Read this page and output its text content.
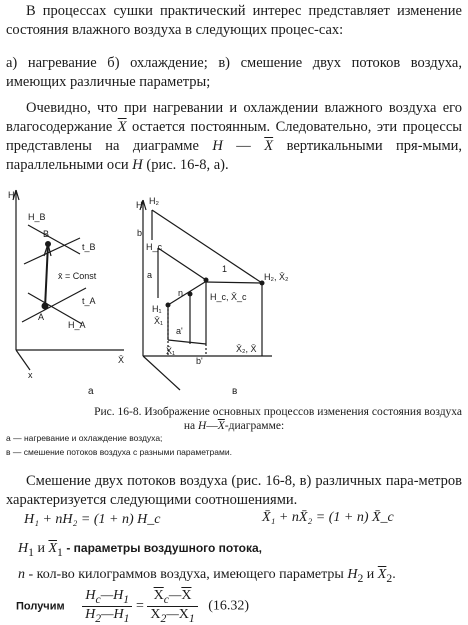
В процессах сушки практический интерес представляет изменение состояния влажного воздуха в следующих процес-сах:

а) нагревание б) охлаждение; в) смешение двух потоков воздуха, имеющих различные параметры;

Очевидно, что при нагревании и охлаждении влажного воздуха его влагосодержание $\overline{X}$ остается постоянным. Следовательно, эти процессы представлены на диаграмме H — $\overline{X}$ вертикальными пря-мыми, параллельными оси H (рис. 16-8, а).

H
X̄
x
H_B
B
t_B
x̄ = Const
t_A
A
H_A
H H₂
b
H_c
a
1
H₂, X̄₂
n	H_c, X̄_c
H₁
X̄₁
a'
X̄₁
b'
X̄₂, X̄
a	в
Рис. 16-8. Изображение основных процессов изменения состояния воздуха
на $H—\overline{X}$-диаграмме:
а — нагревание и охлаждение воздуха;
в — смешение потоков воздуха с разными параметрами.

Смешение двух потоков воздуха (рис. 16-8, в) различных пара-метров характеризуется следующими соотношениями.

H₁ + nH₂ = (1 + n) H_c	X̄₁ + nX̄₂ = (1 + n) X̄_c
$H_1$ и $\overline{X}_1$ - параметры воздушного потока,
n - кол-во килограммов воздуха, имеющего параметры $H_2$ и $\overline{X}_2$.
Получим $\frac{H_c—H_1}{H_2—H_1} = \frac{\overline{X}_c—\overline{X}}{\overline{X}_2—\overline{X}_1} (16.32)$
